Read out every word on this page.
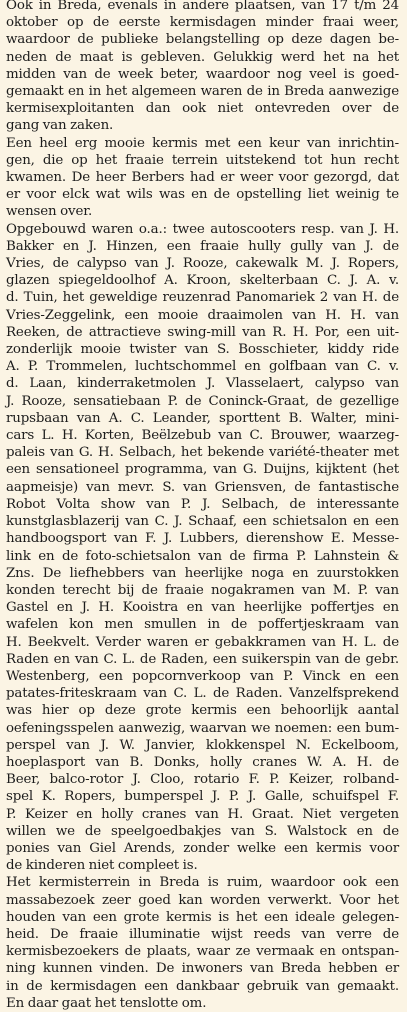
Ook in Breda, evenals in andere plaatsen, van 17 t/m 24
oktober op de eerste kermisdagen minder fraai weer,
waardoor de publieke belangstelling op deze dagen be-
neden de maat is gebleven. Gelukkig werd het na het
midden van de week beter, waardoor nog veel is goed-
gemaakt en in het algemeen waren de in Breda aanwezige
kermisexploitanten dan ook niet ontevreden over de
gang van zaken.
Een heel erg mooie kermis met een keur van inrichtin-
gen, die op het fraaie terrein uitstekend tot hun recht
kwamen. De heer Berbers had er weer voor gezorgd, dat
er voor elck wat wils was en de opstelling liet weinig te
wensen over.
Opgebouwd waren o.a.: twee autoscooters resp. van J. H.
Bakker en J. Hinzen, een fraaie hully gully van J. de
Vries, de calypso van J. Rooze, cakewalk M. J. Ropers,
glazen spiegeldoolhof A. Kroon, skelterbaan C. J. A. v.
d. Tuin, het geweldige reuzenrad Panomariek 2 van H. de
Vries-Zeggelink, een mooie draaimolen van H. H. van
Reeken, de attractieve swing-mill van R. H. Por, een uit-
zonderlijk mooie twister van S. Bosschieter, kiddy ride
A. P. Trommelen, luchtschommel en golfbaan van C. v.
d. Laan, kinderraketmolen J. Vlasselaert, calypso van
J. Rooze, sensatiebaan P. de Coninck-Graat, de gezellige
rupsbaan van A. C. Leander, sporttent B. Walter, mini-
cars L. H. Korten, Beëlzebub van C. Brouwer, waarzeg-
paleis van G. H. Selbach, het bekende variété-theater met
een sensationeel programma, van G. Duijns, kijktent (het
aapmeisje) van mevr. S. van Griensven, de fantastische
Robot Volta show van P. J. Selbach, de interessante
kunstglasblazerij van C. J. Schaaf, een schietsalon en een
handboogsport van F. J. Lubbers, dierenshow E. Messe-
link en de foto-schietsalon van de firma P. Lahnstein &
Zns. De liefhebbers van heerlijke noga en zuurstokken
konden terecht bij de fraaie nogakramen van M. P. van
Gastel en J. H. Kooistra en van heerlijke poffertjes en
wafelen kon men smullen in de poffertjeskraam van
H. Beekvelt. Verder waren er gebakkramen van H. L. de
Raden en van C. L. de Raden, een suikerspin van de gebr.
Westenberg, een popcornverkoop van P. Vinck en een
patates-friteskraam van C. L. de Raden. Vanzelfsprekend
was hier op deze grote kermis een behoorlijk aantal
oefeningsspelen aanwezig, waarvan we noemen: een bum-
perspel van J. W. Janvier, klokkenspel N. Eckelboom,
hoeplasport van B. Donks, holly cranes W. A. H. de
Beer, balco-rotor J. Cloo, rotario F. P. Keizer, rolband-
spel K. Ropers, bumperspel J. P. J. Galle, schuifspel F.
P. Keizer en holly cranes van H. Graat. Niet vergeten
willen we de speelgoedbakjes van S. Walstock en de
ponies van Giel Arends, zonder welke een kermis voor
de kinderen niet compleet is.
Het kermisterrein in Breda is ruim, waardoor ook een
massabezoek zeer goed kan worden verwerkt. Voor het
houden van een grote kermis is het een ideale gelegen-
heid. De fraaie illuminatie wijst reeds van verre de
kermisbezoekers de plaats, waar ze vermaak en ontspan-
ning kunnen vinden. De inwoners van Breda hebben er
in de kermisdagen een dankbaar gebruik van gemaakt.
En daar gaat het tenslotte om.
